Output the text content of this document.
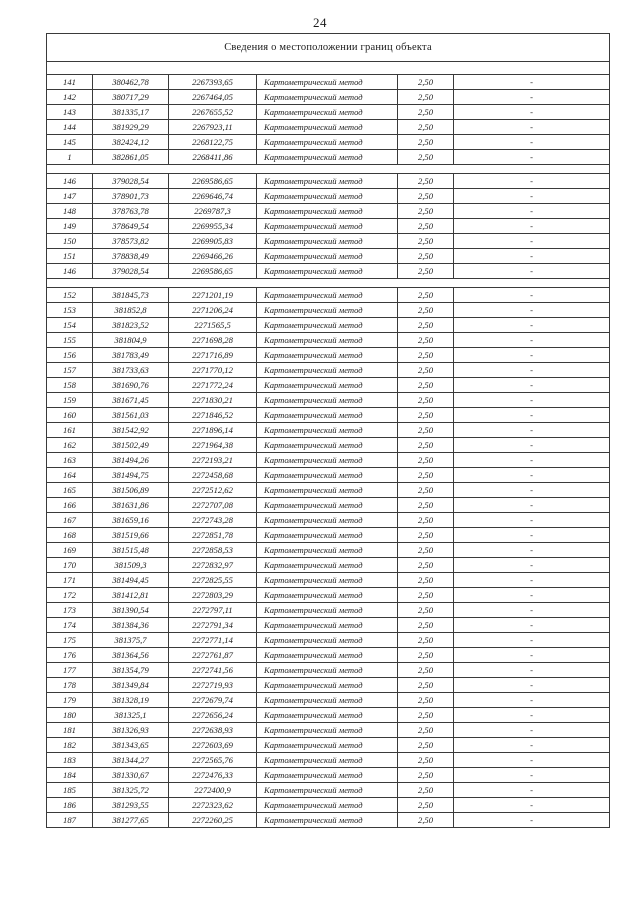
24
Сведения о местоположении границ объекта					

141	380462,78	2267393,65	Картометрический метод	2,50	-
142	380717,29	2267464,05	Картометрический метод	2,50	-
143	381335,17	2267655,52	Картометрический метод	2,50	-
144	381929,29	2267923,11	Картометрический метод	2,50	-
145	382424,12	2268122,75	Картометрический метод	2,50	-
1	382861,05	2268411,86	Картометрический метод	2,50	-

146	379028,54	2269586,65	Картометрический метод	2,50	-
147	378901,73	2269646,74	Картометрический метод	2,50	-
148	378763,78	2269787,3	Картометрический метод	2,50	-
149	378649,54	2269955,34	Картометрический метод	2,50	-
150	378573,82	2269905,83	Картометрический метод	2,50	-
151	378838,49	2269466,26	Картометрический метод	2,50	-
146	379028,54	2269586,65	Картометрический метод	2,50	-

152	381845,73	2271201,19	Картометрический метод	2,50	-
153	381852,8	2271206,24	Картометрический метод	2,50	-
154	381823,52	2271565,5	Картометрический метод	2,50	-
155	381804,9	2271698,28	Картометрический метод	2,50	-
156	381783,49	2271716,89	Картометрический метод	2,50	-
157	381733,63	2271770,12	Картометрический метод	2,50	-
158	381690,76	2271772,24	Картометрический метод	2,50	-
159	381671,45	2271830,21	Картометрический метод	2,50	-
160	381561,03	2271846,52	Картометрический метод	2,50	-
161	381542,92	2271896,14	Картометрический метод	2,50	-
162	381502,49	2271964,38	Картометрический метод	2,50	-
163	381494,26	2272193,21	Картометрический метод	2,50	-
164	381494,75	2272458,68	Картометрический метод	2,50	-
165	381506,89	2272512,62	Картометрический метод	2,50	-
166	381631,86	2272707,08	Картометрический метод	2,50	-
167	381659,16	2272743,28	Картометрический метод	2,50	-
168	381519,66	2272851,78	Картометрический метод	2,50	-
169	381515,48	2272858,53	Картометрический метод	2,50	-
170	381509,3	2272832,97	Картометрический метод	2,50	-
171	381494,45	2272825,55	Картометрический метод	2,50	-
172	381412,81	2272803,29	Картометрический метод	2,50	-
173	381390,54	2272797,11	Картометрический метод	2,50	-
174	381384,36	2272791,34	Картометрический метод	2,50	-
175	381375,7	2272771,14	Картометрический метод	2,50	-
176	381364,56	2272761,87	Картометрический метод	2,50	-
177	381354,79	2272741,56	Картометрический метод	2,50	-
178	381349,84	2272719,93	Картометрический метод	2,50	-
179	381328,19	2272679,74	Картометрический метод	2,50	-
180	381325,1	2272656,24	Картометрический метод	2,50	-
181	381326,93	2272638,93	Картометрический метод	2,50	-
182	381343,65	2272603,69	Картометрический метод	2,50	-
183	381344,27	2272565,76	Картометрический метод	2,50	-
184	381330,67	2272476,33	Картометрический метод	2,50	-
185	381325,72	2272400,9	Картометрический метод	2,50	-
186	381293,55	2272323,62	Картометрический метод	2,50	-
187	381277,65	2272260,25	Картометрический метод	2,50	-
